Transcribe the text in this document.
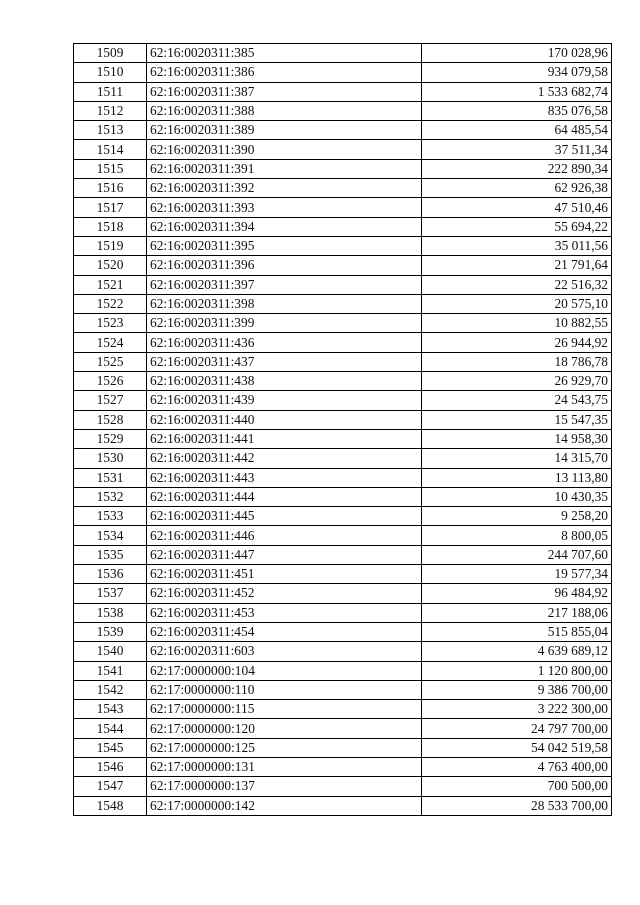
1509	62:16:0020311:385	170 028,96
1510	62:16:0020311:386	934 079,58
1511	62:16:0020311:387	1 533 682,74
1512	62:16:0020311:388	835 076,58
1513	62:16:0020311:389	64 485,54
1514	62:16:0020311:390	37 511,34
1515	62:16:0020311:391	222 890,34
1516	62:16:0020311:392	62 926,38
1517	62:16:0020311:393	47 510,46
1518	62:16:0020311:394	55 694,22
1519	62:16:0020311:395	35 011,56
1520	62:16:0020311:396	21 791,64
1521	62:16:0020311:397	22 516,32
1522	62:16:0020311:398	20 575,10
1523	62:16:0020311:399	10 882,55
1524	62:16:0020311:436	26 944,92
1525	62:16:0020311:437	18 786,78
1526	62:16:0020311:438	26 929,70
1527	62:16:0020311:439	24 543,75
1528	62:16:0020311:440	15 547,35
1529	62:16:0020311:441	14 958,30
1530	62:16:0020311:442	14 315,70
1531	62:16:0020311:443	13 113,80
1532	62:16:0020311:444	10 430,35
1533	62:16:0020311:445	9 258,20
1534	62:16:0020311:446	8 800,05
1535	62:16:0020311:447	244 707,60
1536	62:16:0020311:451	19 577,34
1537	62:16:0020311:452	96 484,92
1538	62:16:0020311:453	217 188,06
1539	62:16:0020311:454	515 855,04
1540	62:16:0020311:603	4 639 689,12
1541	62:17:0000000:104	1 120 800,00
1542	62:17:0000000:110	9 386 700,00
1543	62:17:0000000:115	3 222 300,00
1544	62:17:0000000:120	24 797 700,00
1545	62:17:0000000:125	54 042 519,58
1546	62:17:0000000:131	4 763 400,00
1547	62:17:0000000:137	700 500,00
1548	62:17:0000000:142	28 533 700,00
